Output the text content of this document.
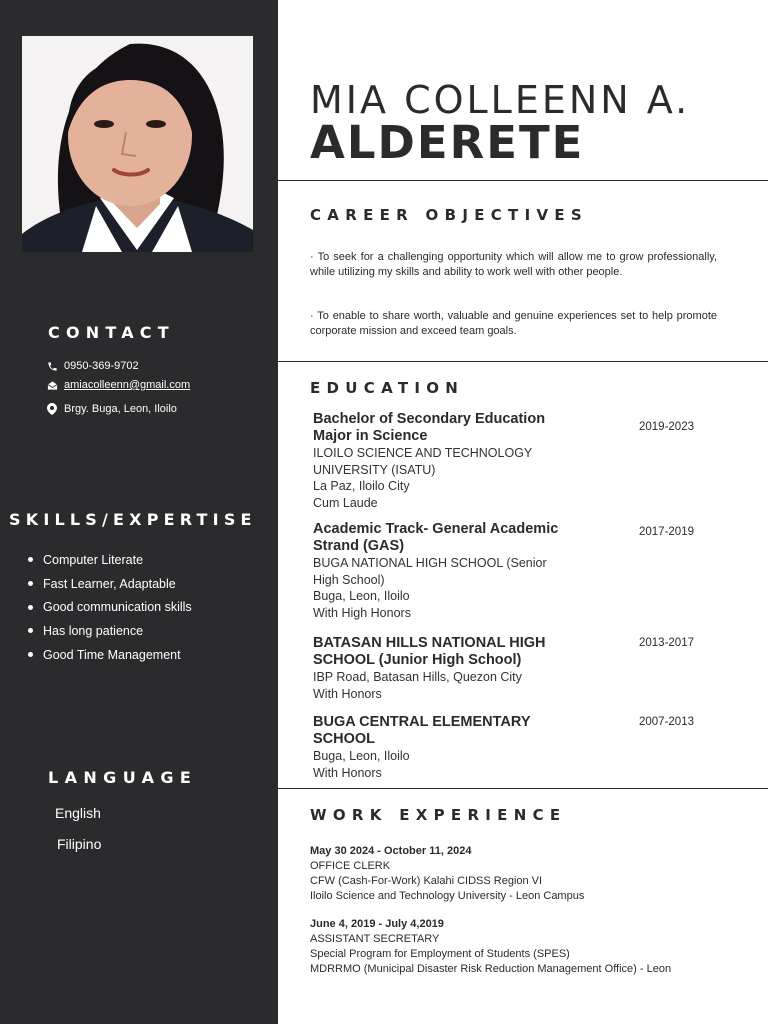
CONTACT
0950-369-9702
amiacolleenn@gmail.com
Brgy. Buga, Leon, Iloilo
SKILLS/EXPERTISE
Computer Literate
Fast Learner, Adaptable
Good communication skills
Has long patience
Good Time Management
LANGUAGE
English
Filipino
MIA COLLEENN A.
ALDERETE
CAREER OBJECTIVES
· To seek for a challenging opportunity which will allow me to grow professionally, while utilizing my skills and ability to work well with other people.
· To enable to share worth, valuable and genuine experiences set to help promote corporate mission and exceed team goals.
EDUCATION
Bachelor of Secondary Education Major in Science
ILOILO SCIENCE AND TECHNOLOGY UNIVERSITY (ISATU)
La Paz, Iloilo City
Cum Laude
2019-2023
Academic Track- General Academic Strand (GAS)
BUGA NATIONAL HIGH SCHOOL (Senior High School)
Buga, Leon, Iloilo
With High Honors
2017-2019
BATASAN HILLS NATIONAL HIGH SCHOOL (Junior High School)
IBP Road, Batasan Hills, Quezon City
With Honors
2013-2017
BUGA CENTRAL ELEMENTARY SCHOOL
Buga, Leon, Iloilo
With Honors
2007-2013
WORK EXPERIENCE
May 30 2024 - October 11, 2024
OFFICE CLERK
CFW (Cash-For-Work) Kalahi CIDSS Region VI
Iloilo Science and Technology University - Leon Campus
June 4, 2019 - July 4,2019
ASSISTANT SECRETARY
Special Program for Employment of Students (SPES)
MDRRMO (Municipal Disaster Risk Reduction Management Office) - Leon
